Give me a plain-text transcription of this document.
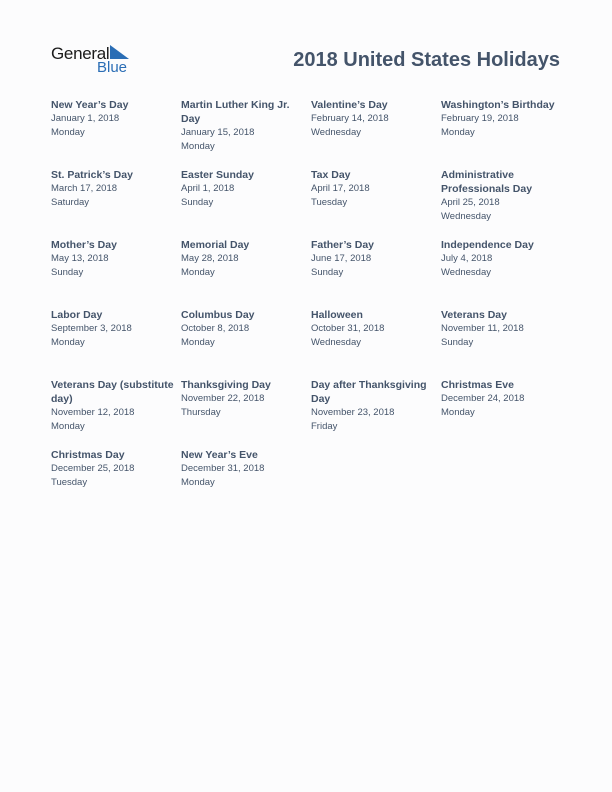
General
Blue	2018 United States Holidays
New Year’s Day
January 1, 2018
Monday
Martin Luther King Jr. Day
January 15, 2018
Monday
Valentine’s Day
February 14, 2018
Wednesday
Washington’s Birthday
February 19, 2018
Monday
St. Patrick’s Day
March 17, 2018
Saturday
Easter Sunday
April 1, 2018
Sunday
Tax Day
April 17, 2018
Tuesday
Administrative Professionals Day
April 25, 2018
Wednesday
Mother’s Day
May 13, 2018
Sunday
Memorial Day
May 28, 2018
Monday
Father’s Day
June 17, 2018
Sunday
Independence Day
July 4, 2018
Wednesday
Labor Day
September 3, 2018
Monday
Columbus Day
October 8, 2018
Monday
Halloween
October 31, 2018
Wednesday
Veterans Day
November 11, 2018
Sunday
Veterans Day (substitute day)
November 12, 2018
Monday
Thanksgiving Day
November 22, 2018
Thursday
Day after Thanksgiving Day
November 23, 2018
Friday
Christmas Eve
December 24, 2018
Monday
Christmas Day
December 25, 2018
Tuesday
New Year’s Eve
December 31, 2018
Monday
